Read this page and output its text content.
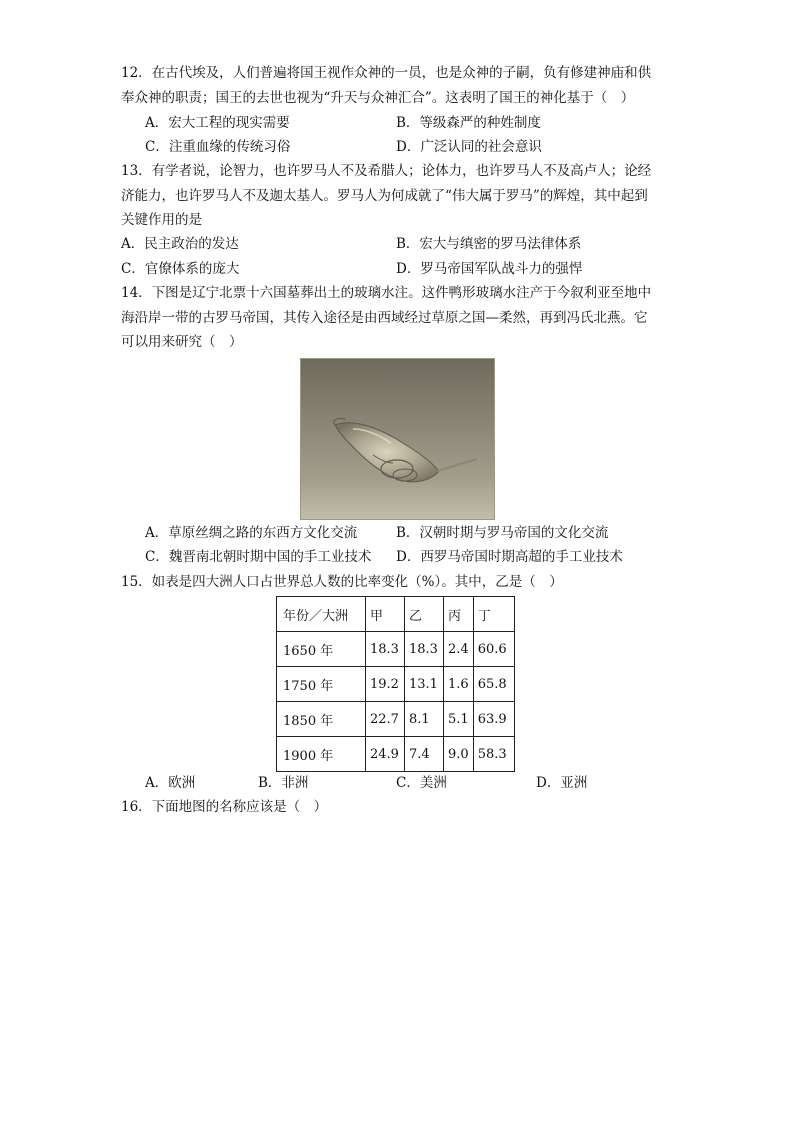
12．在古代埃及，人们普遍将国王视作众神的一员，也是众神的子嗣，负有修建神庙和供
奉众神的职责；国王的去世也视为“升天与众神汇合”。这表明了国王的神化基于（　）
A．宏大工程的现实需要	B．等级森严的种姓制度
C．注重血缘的传统习俗	D．广泛认同的社会意识
13．有学者说，论智力，也许罗马人不及希腊人；论体力，也许罗马人不及高卢人；论经
济能力，也许罗马人不及迦太基人。罗马人为何成就了“伟大属于罗马”的辉煌，其中起到
关键作用的是
A．民主政治的发达	B．宏大与缜密的罗马法律体系
C．官僚体系的庞大	D．罗马帝国军队战斗力的强悍
14．下图是辽宁北票十六国墓葬出土的玻璃水注。这件鸭形玻璃水注产于今叙利亚至地中
海沿岸一带的古罗马帝国，其传入途径是由西域经过草原之国—柔然，再到冯氏北燕。它
可以用来研究（　）
A．草原丝绸之路的东西方文化交流	B．汉朝时期与罗马帝国的文化交流
C．魏晋南北朝时期中国的手工业技术 D．西罗马帝国时期高超的手工业技术
15．如表是四大洲人口占世界总人数的比率变化（%）。其中，乙是（　）
年份／大洲	甲	乙	丙	丁
1650 年	18.3	18.3	2.4	60.6
1750 年	19.2	13.1	1.6	65.8
1850 年	22.7	8.1	5.1	63.9
1900 年	24.9	7.4	9.0	58.3
A．欧洲	B．非洲	C．美洲	D．亚洲
16．下面地图的名称应该是（　）
